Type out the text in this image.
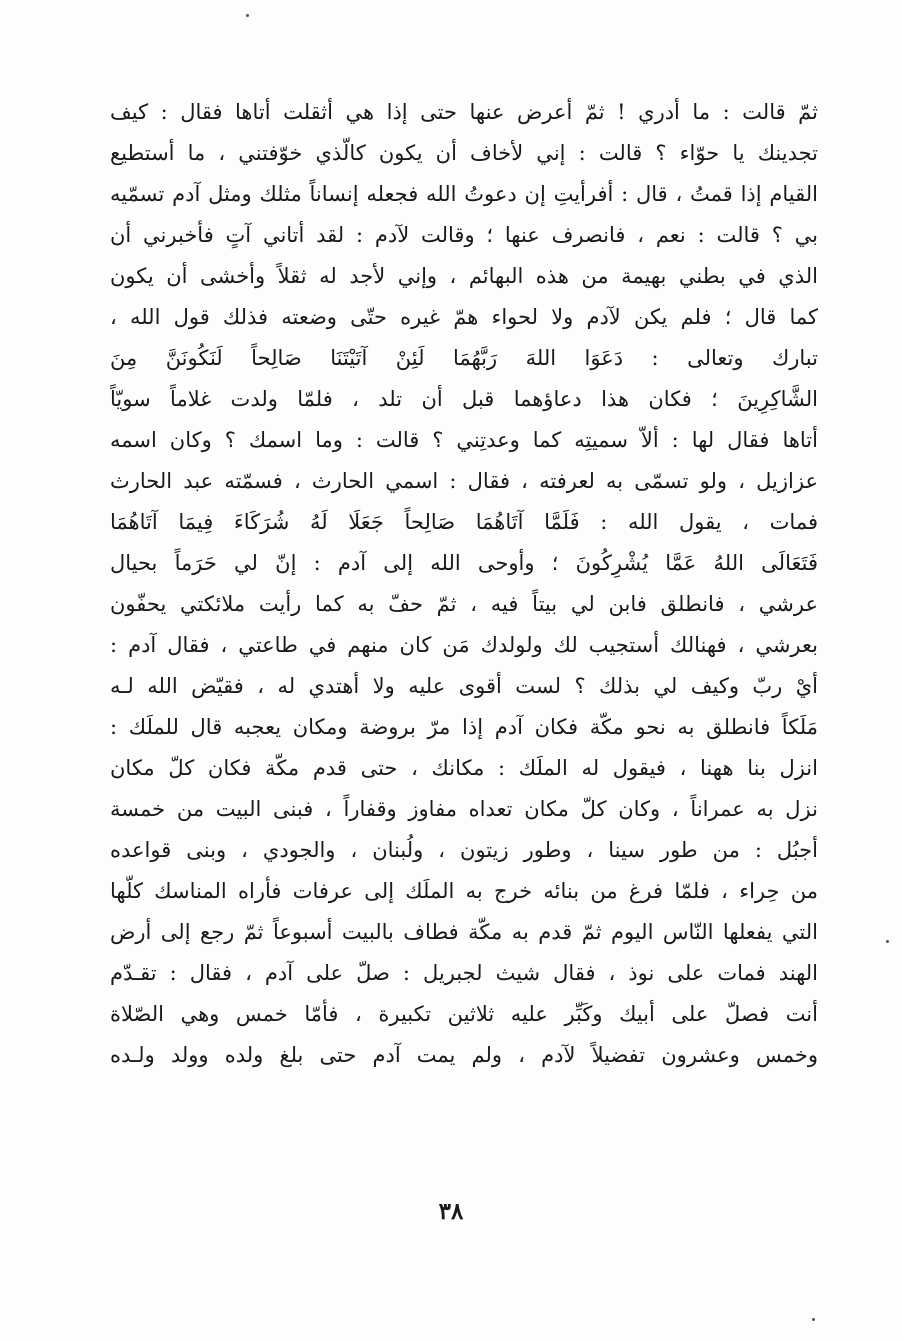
ثمّ قالت : ما أدري ! ثمّ أعرض عنها حتى إذا هي أثقلت أتاها فقال : كيف
تجدينك يا حوّاء ؟ قالت : إني لأخاف أن يكون كالّذي خوّفتني ، ما أستطيع
القيام إذا قمتُ ، قال : أفرأيتِ إن دعوتُ الله فجعله إنساناً مثلك ومثل آدم تسمّيه
بي ؟ قالت : نعم ، فانصرف عنها ؛ وقالت لآدم : لقد أتاني آتٍ فأخبرني أن
الذي في بطني بهيمة من هذه البهائم ، وإني لأجد له ثقلاً وأخشى أن يكون
كما قال ؛ فلم يكن لآدم ولا لحواء همّ غيره حتّى وضعته فذلك قول الله ،
تبارك وتعالى : دَعَوَا اللهَ رَبَّهُمَا لَئِنْ آتَيْتَنَا صَالِحاً لَنَكُونَنَّ مِنَ
الشَّاكِرِينَ ؛ فكان هذا دعاؤهما قبل أن تلد ، فلمّا ولدت غلاماً سويّاً
أتاها فقال لها : ألاّ سميتِه كما وعدتِني ؟ قالت : وما اسمك ؟ وكان اسمه
عزازيل ، ولو تسمّى به لعرفته ، فقال : اسمي الحارث ، فسمّته عبد الحارث
فمات ، يقول الله : فَلَمَّا آتَاهُمَا صَالِحاً جَعَلَا لَهُ شُرَكَاءَ فِيمَا آتَاهُمَا
فَتَعَالَى اللهُ عَمَّا يُشْرِكُونَ ؛ وأوحى الله إلى آدم : إنّ لي حَرَماً بحيال
عرشي ، فانطلق فابن لي بيتاً فيه ، ثمّ حفّ به كما رأيت ملائكتي يحفّون
بعرشي ، فهنالك أستجيب لك ولولدك مَن كان منهم في طاعتي ، فقال آدم :
أيْ ربّ وكيف لي بذلك ؟ لست أقوى عليه ولا أهتدي له ، فقيّض الله لـه
مَلَكاً فانطلق به نحو مكّة فكان آدم إذا مرّ بروضة ومكان يعجبه قال للملَك :
انزل بنا ههنا ، فيقول له الملَك : مكانك ، حتى قدم مكّة فكان كلّ مكان
نزل به عمراناً ، وكان كلّ مكان تعداه مفاوز وقفاراً ، فبنى البيت من خمسة
أجبُل : من طور سينا ، وطور زيتون ، ولُبنان ، والجودي ، وبنى قواعده
من حِراء ، فلمّا فرغ من بنائه خرج به الملَك إلى عرفات فأراه المناسك كلّها
التي يفعلها النّاس اليوم ثمّ قدم به مكّة فطاف بالبيت أسبوعاً ثمّ رجع إلى أرض
الهند فمات على نوذ ، فقال شيث لجبريل : صلّ على آدم ، فقال : تقـدّم
أنت فصلّ على أبيك وكَبِّر عليه ثلاثين تكبيرة ، فأمّا خمس وهي الصّلاة
وخمس وعشرون تفضيلاً لآدم ، ولم يمت آدم حتى بلغ ولده وولد ولـده
٣٨
